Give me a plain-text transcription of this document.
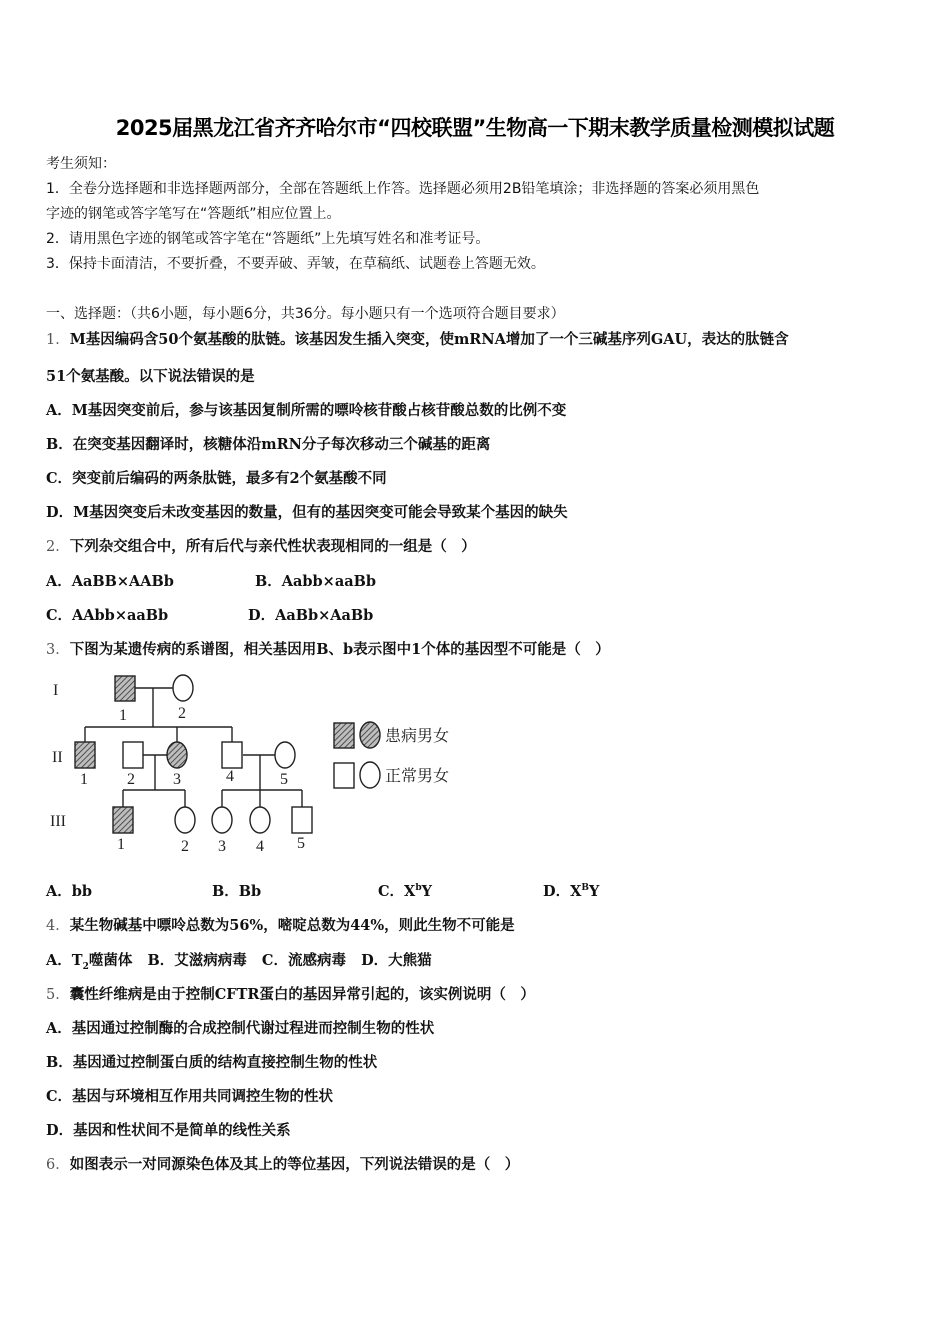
2025届黑龙江省齐齐哈尔市“四校联盟”生物高一下期末教学质量检测模拟试题
考生须知：
1．全卷分选择题和非选择题两部分，全部在答题纸上作答。选择题必须用2B铅笔填涂；非选择题的答案必须用黑色
字迹的钢笔或答字笔写在“答题纸”相应位置上。
2．请用黑色字迹的钢笔或答字笔在“答题纸”上先填写姓名和准考证号。
3．保持卡面清洁，不要折叠，不要弄破、弄皱，在草稿纸、试题卷上答题无效。
一、选择题：（共6小题，每小题6分，共36分。每小题只有一个选项符合题目要求）
1．M基因编码含50个氨基酸的肽链。该基因发生插入突变，使mRNA增加了一个三碱基序列GAU，表达的肽链含
51个氨基酸。以下说法错误的是
A．M基因突变前后，参与该基因复制所需的嘌呤核苷酸占核苷酸总数的比例不变
B．在突变基因翻译时，核糖体沿mRN分子每次移动三个碱基的距离
C．突变前后编码的两条肽链，最多有2个氨基酸不同
D．M基因突变后未改变基因的数量，但有的基因突变可能会导致某个基因的缺失
2．下列杂交组合中，所有后代与亲代性状表现相同的一组是（　）
A．AaBB×AABb	B．Aabb×aaBb
C．AAbb×aaBb	D．AaBb×AaBb
3．下图为某遗传病的系谱图，相关基因用B、b表示图中1个体的基因型不可能是（　）
I
II
III
1	2
1 2 3	4	5
1	2 3 4 5
患病男女
正常男女
A．bb	B．Bb	C．$X^bY$	D．$X^BY$
4．某生物碱基中嘌呤总数为56%，嘧啶总数为44%，则此生物不可能是
A．$T_2$噬菌体 B．艾滋病病毒 C．流感病毒 D．大熊猫
5．囊性纤维病是由于控制CFTR蛋白的基因异常引起的，该实例说明（　）
A．基因通过控制酶的合成控制代谢过程进而控制生物的性状
B．基因通过控制蛋白质的结构直接控制生物的性状
C．基因与环境相互作用共同调控生物的性状
D．基因和性状间不是简单的线性关系
6．如图表示一对同源染色体及其上的等位基因，下列说法错误的是（　）
